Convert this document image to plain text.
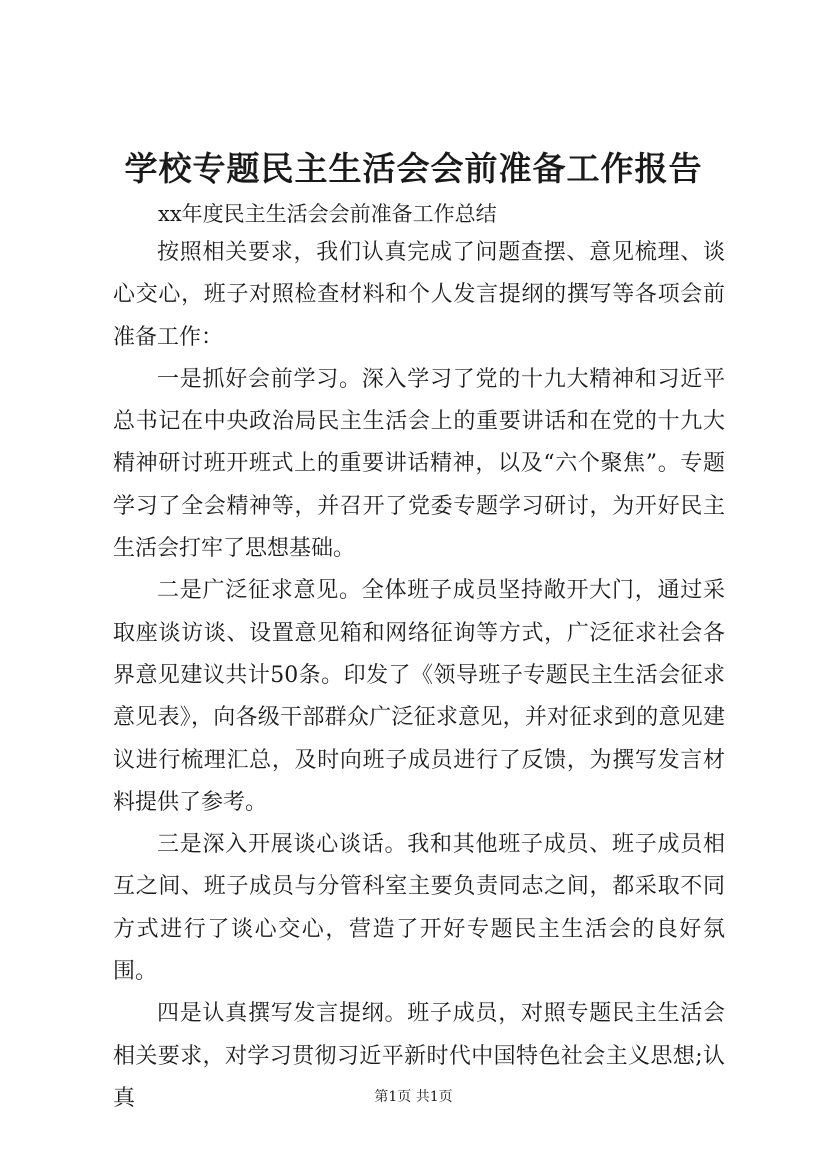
学校专题民主生活会会前准备工作报告
xx年度民主生活会会前准备工作总结

按照相关要求，我们认真完成了问题查摆、意见梳理、谈心交心，班子对照检查材料和个人发言提纲的撰写等各项会前准备工作：

一是抓好会前学习。深入学习了党的十九大精神和习近平总书记在中央政治局民主生活会上的重要讲话和在党的十九大精神研讨班开班式上的重要讲话精神，以及“六个聚焦”。专题学习了全会精神等，并召开了党委专题学习研讨，为开好民主生活会打牢了思想基础。

二是广泛征求意见。全体班子成员坚持敞开大门，通过采取座谈访谈、设置意见箱和网络征询等方式，广泛征求社会各界意见建议共计50条。印发了《领导班子专题民主生活会征求意见表》，向各级干部群众广泛征求意见，并对征求到的意见建议进行梳理汇总，及时向班子成员进行了反馈，为撰写发言材料提供了参考。

三是深入开展谈心谈话。我和其他班子成员、班子成员相互之间、班子成员与分管科室主要负责同志之间，都采取不同方式进行了谈心交心，营造了开好专题民主生活会的良好氛围。

四是认真撰写发言提纲。班子成员，对照专题民主生活会相关要求，对学习贯彻习近平新时代中国特色社会主义思想;认真	第1页 共1页
